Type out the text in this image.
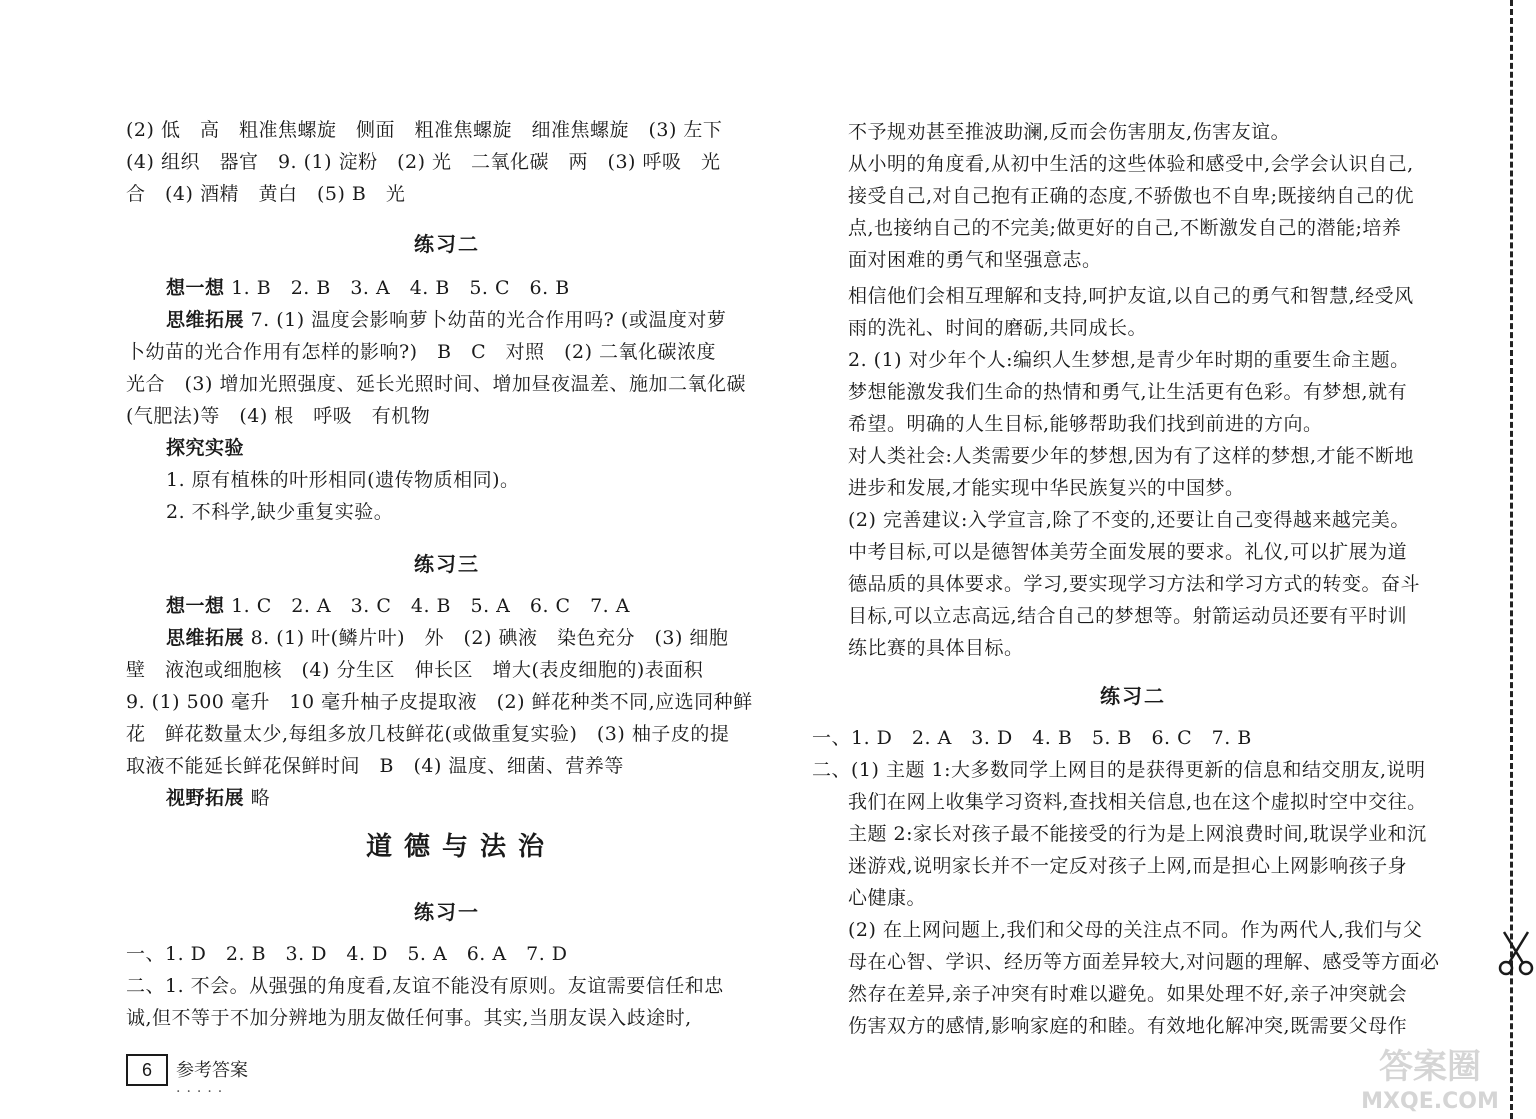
(2) 低　高　粗准焦螺旋　侧面　粗准焦螺旋　细准焦螺旋　(3) 左下
(4) 组织　器官　9. (1) 淀粉　(2) 光　二氧化碳　两　(3) 呼吸　光
合　(4) 酒精　黄白　(5) B　光
练习二
想一想 1. B　2. B　3. A　4. B　5. C　6. B
思维拓展 7. (1) 温度会影响萝卜幼苗的光合作用吗? (或温度对萝
卜幼苗的光合作用有怎样的影响?)　B　C　对照　(2) 二氧化碳浓度
光合　(3) 增加光照强度、延长光照时间、增加昼夜温差、施加二氧化碳
(气肥法)等　(4) 根　呼吸　有机物
探究实验
1. 原有植株的叶形相同(遗传物质相同)。
2. 不科学,缺少重复实验。
练习三
想一想 1. C　2. A　3. C　4. B　5. A　6. C　7. A
思维拓展 8. (1) 叶(鳞片叶)　外　(2) 碘液　染色充分　(3) 细胞
壁　液泡或细胞核　(4) 分生区　伸长区　增大(表皮细胞的)表面积
9. (1) 500 毫升　10 毫升柚子皮提取液　(2) 鲜花种类不同,应选同种鲜
花　鲜花数量太少,每组多放几枝鲜花(或做重复实验)　(3) 柚子皮的提
取液不能延长鲜花保鲜时间　B　(4) 温度、细菌、营养等
视野拓展 略
道德与法治
练习一
一、1. D　2. B　3. D　4. D　5. A　6. A　7. D
二、1. 不会。从强强的角度看,友谊不能没有原则。友谊需要信任和忠
诚,但不等于不加分辨地为朋友做任何事。其实,当朋友误入歧途时,
不予规劝甚至推波助澜,反而会伤害朋友,伤害友谊。
从小明的角度看,从初中生活的这些体验和感受中,会学会认识自己,
接受自己,对自己抱有正确的态度,不骄傲也不自卑;既接纳自己的优
点,也接纳自己的不完美;做更好的自己,不断激发自己的潜能;培养
面对困难的勇气和坚强意志。
相信他们会相互理解和支持,呵护友谊,以自己的勇气和智慧,经受风
雨的洗礼、时间的磨砺,共同成长。
2. (1) 对少年个人:编织人生梦想,是青少年时期的重要生命主题。
梦想能激发我们生命的热情和勇气,让生活更有色彩。有梦想,就有
希望。明确的人生目标,能够帮助我们找到前进的方向。
对人类社会:人类需要少年的梦想,因为有了这样的梦想,才能不断地
进步和发展,才能实现中华民族复兴的中国梦。
(2) 完善建议:入学宣言,除了不变的,还要让自己变得越来越完美。
中考目标,可以是德智体美劳全面发展的要求。礼仪,可以扩展为道
德品质的具体要求。学习,要实现学习方法和学习方式的转变。奋斗
目标,可以立志高远,结合自己的梦想等。射箭运动员还要有平时训
练比赛的具体目标。
练习二
一、1. D　2. A　3. D　4. B　5. B　6. C　7. B
二、(1) 主题 1:大多数同学上网目的是获得更新的信息和结交朋友,说明
我们在网上收集学习资料,查找相关信息,也在这个虚拟时空中交往。
主题 2:家长对孩子最不能接受的行为是上网浪费时间,耽误学业和沉
迷游戏,说明家长并不一定反对孩子上网,而是担心上网影响孩子身
心健康。
(2) 在上网问题上,我们和父母的关注点不同。作为两代人,我们与父
母在心智、学识、经历等方面差异较大,对问题的理解、感受等方面必
然存在差异,亲子冲突有时难以避免。如果处理不好,亲子冲突就会
伤害双方的感情,影响家庭的和睦。有效地化解冲突,既需要父母作
6	参考答案
.....
答案圈
MXQE.COM
